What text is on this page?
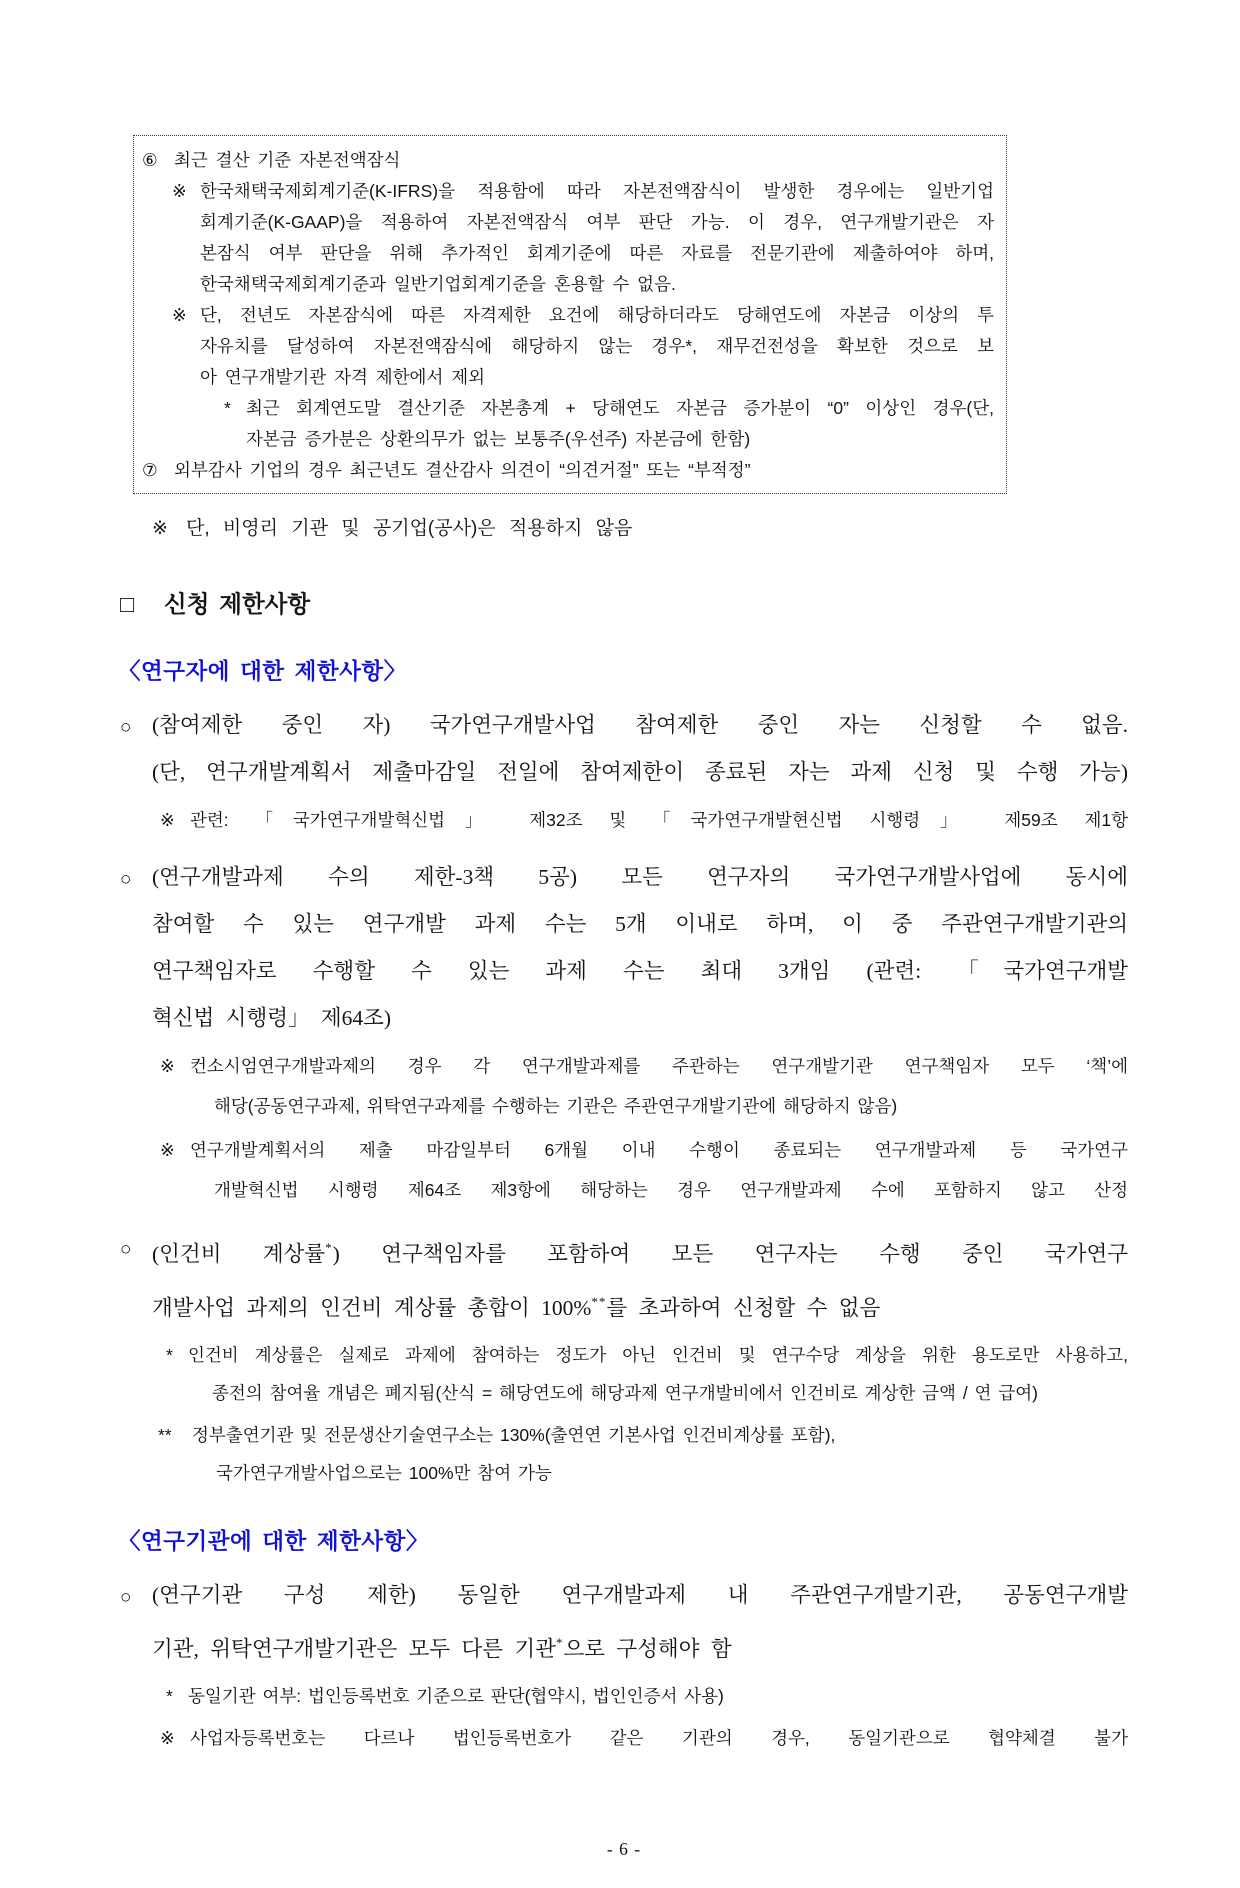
⑥ 최근 결산 기준 자본전액잠식
※ 한국채택국제회계기준(K-IFRS)을 적용함에 따라 자본전액잠식이 발생한 경우에는 일반기업
회계기준(K-GAAP)을 적용하여 자본전액잠식 여부 판단 가능. 이 경우, 연구개발기관은 자
본잠식 여부 판단을 위해 추가적인 회계기준에 따른 자료를 전문기관에 제출하여야 하며,
한국채택국제회계기준과 일반기업회계기준을 혼용할 수 없음.
※ 단, 전년도 자본잠식에 따른 자격제한 요건에 해당하더라도 당해연도에 자본금 이상의 투
자유치를 달성하여 자본전액잠식에 해당하지 않는 경우*, 재무건전성을 확보한 것으로 보
아 연구개발기관 자격 제한에서 제외
* 최근 회계연도말 결산기준 자본총계 + 당해연도 자본금 증가분이 “0” 이상인 경우(단,
자본금 증가분은 상환의무가 없는 보통주(우선주) 자본금에 한함)
⑦ 외부감사 기업의 경우 최근년도 결산감사 의견이 “의견거절” 또는 “부적정”
※ 단, 비영리 기관 및 공기업(공사)은 적용하지 않음
□	신청 제한사항
〈연구자에 대한 제한사항〉
○ (참여제한 중인 자) 국가연구개발사업 참여제한 중인 자는 신청할 수 없음.
(단, 연구개발계획서 제출마감일 전일에 참여제한이 종료된 자는 과제 신청 및 수행 가능)
※ 관련: 「국가연구개발혁신법」 제32조 및 「국가연구개발현신법 시행령」 제59조 제1항
○ (연구개발과제 수의 제한-3책 5공) 모든 연구자의 국가연구개발사업에 동시에
참여할 수 있는 연구개발 과제 수는 5개 이내로 하며, 이 중 주관연구개발기관의
연구책임자로 수행할 수 있는 과제 수는 최대 3개임 (관련: 「국가연구개발
혁신법 시행령」 제64조)
※ 컨소시엄연구개발과제의 경우 각 연구개발과제를 주관하는 연구개발기관 연구책임자 모두 ‘책’에
해당(공동연구과제, 위탁연구과제를 수행하는 기관은 주관연구개발기관에 해당하지 않음)
※ 연구개발계획서의 제출 마감일부터 6개월 이내 수행이 종료되는 연구개발과제 등 국가연구
개발혁신법 시행령 제64조 제3항에 해당하는 경우 연구개발과제 수에 포함하지 않고 산정
○ (인건비 계상률*) 연구책임자를 포함하여 모든 연구자는 수행 중인 국가연구
개발사업 과제의 인건비 계상률 총합이 100%**를 초과하여 신청할 수 없음
* 인건비 계상률은 실제로 과제에 참여하는 정도가 아닌 인건비 및 연구수당 계상을 위한 용도로만 사용하고,
종전의 참여율 개념은 폐지됨(산식 = 해당연도에 해당과제 연구개발비에서 인건비로 계상한 금액 / 연 급여)
**	정부출연기관 및 전문생산기술연구소는 130%(출연연 기본사업 인건비계상률 포함),
국가연구개발사업으로는 100%만 참여 가능
〈연구기관에 대한 제한사항〉
○ (연구기관 구성 제한) 동일한 연구개발과제 내 주관연구개발기관, 공동연구개발
기관, 위탁연구개발기관은 모두 다른 기관*으로 구성해야 함
* 동일기관 여부: 법인등록번호 기준으로 판단(협약시, 법인인증서 사용)
※ 사업자등록번호는 다르나 법인등록번호가 같은 기관의 경우, 동일기관으로 협약체결 불가
- 6 -
